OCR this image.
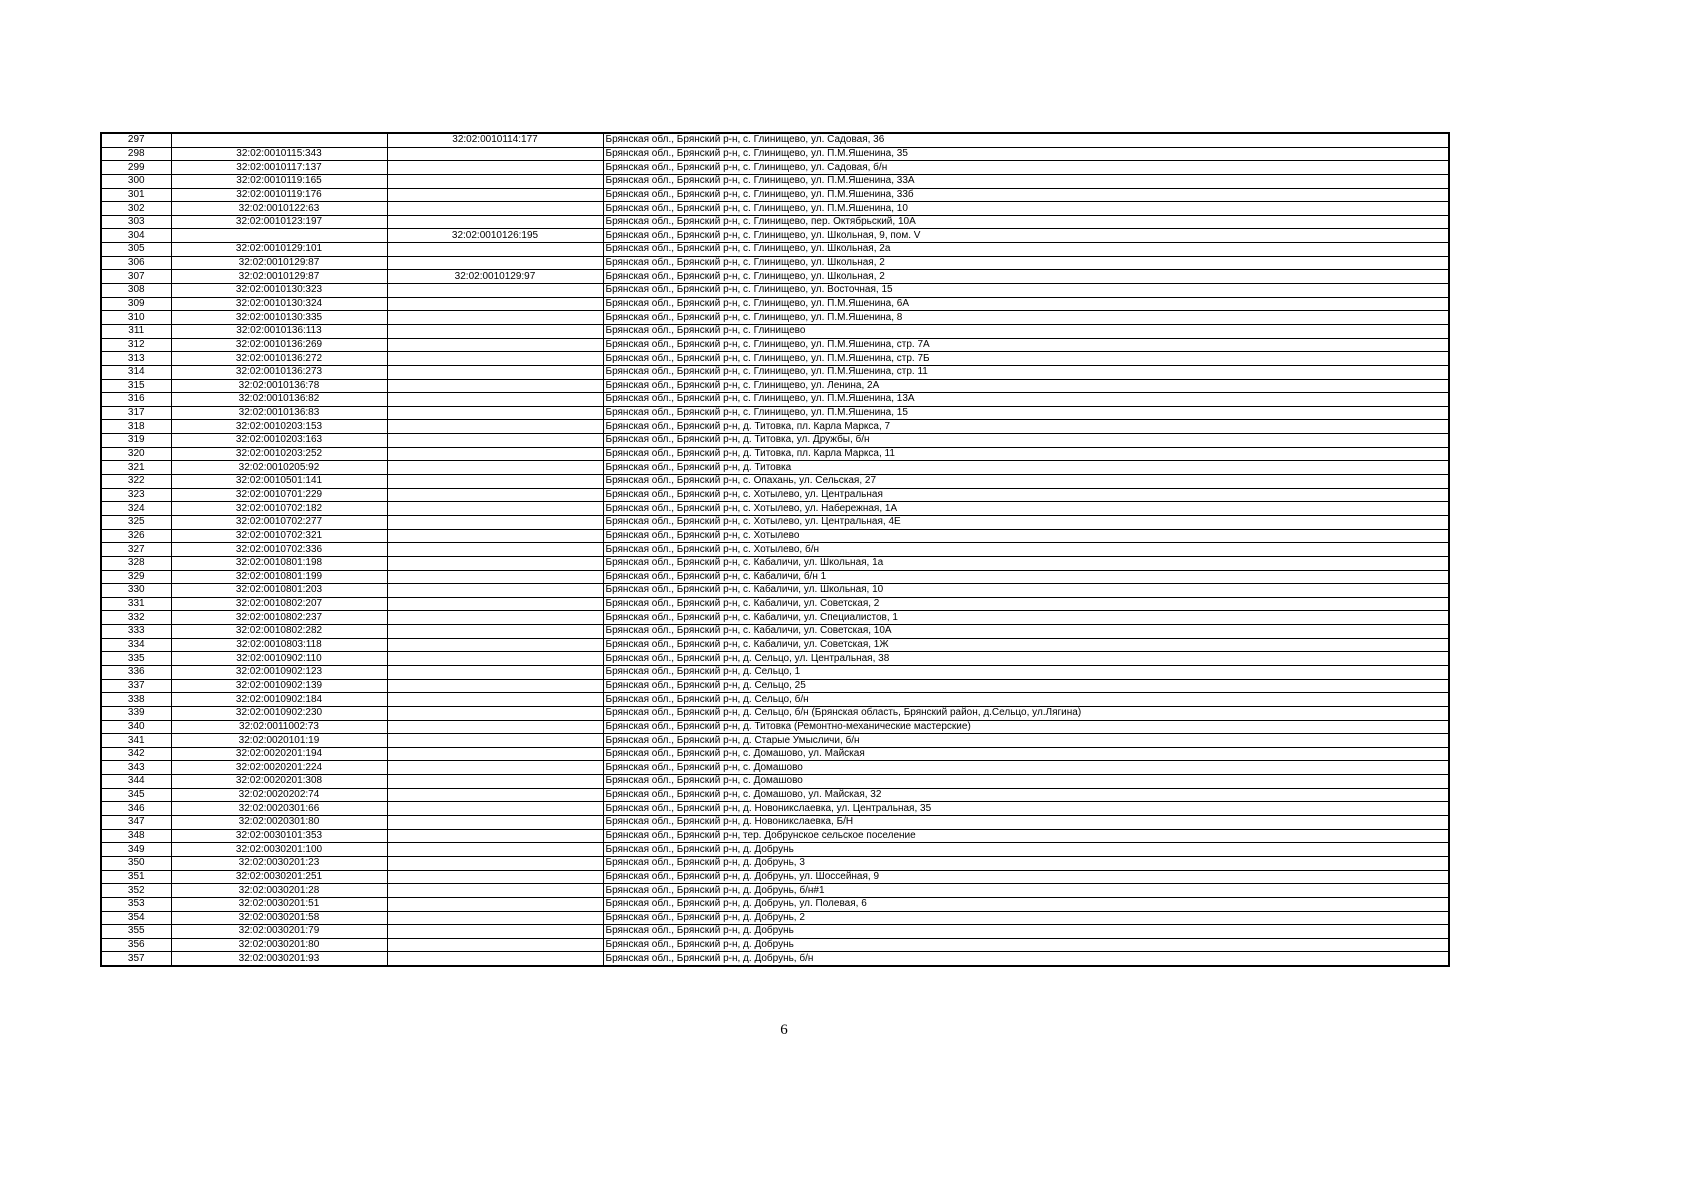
297		32:02:0010114:177	Брянская обл., Брянский р-н, с. Глинищево, ул. Садовая, 36
298	32:02:0010115:343		Брянская обл., Брянский р-н, с. Глинищево, ул. П.М.Яшенина, 35
299	32:02:0010117:137		Брянская обл., Брянский р-н, с. Глинищево, ул. Садовая, б/н
300	32:02:0010119:165		Брянская обл., Брянский р-н, с. Глинищево, ул. П.М.Яшенина, 33А
301	32:02:0010119:176		Брянская обл., Брянский р-н, с. Глинищево, ул. П.М.Яшенина, 33б
302	32:02:0010122:63		Брянская обл., Брянский р-н, с. Глинищево, ул. П.М.Яшенина, 10
303	32:02:0010123:197		Брянская обл., Брянский р-н, с. Глинищево, пер. Октябрьский, 10А
304		32:02:0010126:195	Брянская обл., Брянский р-н, с. Глинищево, ул. Школьная, 9, пом. V
305	32:02:0010129:101		Брянская обл., Брянский р-н, с. Глинищево, ул. Школьная, 2а
306	32:02:0010129:87		Брянская обл., Брянский р-н, с. Глинищево, ул. Школьная, 2
307	32:02:0010129:87	32:02:0010129:97	Брянская обл., Брянский р-н, с. Глинищево, ул. Школьная, 2
308	32:02:0010130:323		Брянская обл., Брянский р-н, с. Глинищево, ул. Восточная, 15
309	32:02:0010130:324		Брянская обл., Брянский р-н, с. Глинищево, ул. П.М.Яшенина, 6А
310	32:02:0010130:335		Брянская обл., Брянский р-н, с. Глинищево, ул. П.М.Яшенина, 8
311	32:02:0010136:113		Брянская обл., Брянский р-н, с. Глинищево
312	32:02:0010136:269		Брянская обл., Брянский р-н, с. Глинищево, ул. П.М.Яшенина, стр. 7А
313	32:02:0010136:272		Брянская обл., Брянский р-н, с. Глинищево, ул. П.М.Яшенина, стр. 7Б
314	32:02:0010136:273		Брянская обл., Брянский р-н, с. Глинищево, ул. П.М.Яшенина, стр. 11
315	32:02:0010136:78		Брянская обл., Брянский р-н, с. Глинищево, ул. Ленина, 2А
316	32:02:0010136:82		Брянская обл., Брянский р-н, с. Глинищево, ул. П.М.Яшенина, 13А
317	32:02:0010136:83		Брянская обл., Брянский р-н, с. Глинищево, ул. П.М.Яшенина, 15
318	32:02:0010203:153		Брянская обл., Брянский р-н, д. Титовка, пл. Карла Маркса, 7
319	32:02:0010203:163		Брянская обл., Брянский р-н, д. Титовка, ул. Дружбы, б/н
320	32:02:0010203:252		Брянская обл., Брянский р-н, д. Титовка, пл. Карла Маркса, 11
321	32:02:0010205:92		Брянская обл., Брянский р-н, д. Титовка
322	32:02:0010501:141		Брянская обл., Брянский р-н, с. Опахань, ул. Сельская, 27
323	32:02:0010701:229		Брянская обл., Брянский р-н, с. Хотылево, ул. Центральная
324	32:02:0010702:182		Брянская обл., Брянский р-н, с. Хотылево, ул. Набережная, 1А
325	32:02:0010702:277		Брянская обл., Брянский р-н, с. Хотылево, ул. Центральная, 4Е
326	32:02:0010702:321		Брянская обл., Брянский р-н, с. Хотылево
327	32:02:0010702:336		Брянская обл., Брянский р-н, с. Хотылево, б/н
328	32:02:0010801:198		Брянская обл., Брянский р-н, с. Кабаличи, ул. Школьная, 1а
329	32:02:0010801:199		Брянская обл., Брянский р-н, с. Кабаличи, б/н 1
330	32:02:0010801:203		Брянская обл., Брянский р-н, с. Кабаличи, ул. Школьная, 10
331	32:02:0010802:207		Брянская обл., Брянский р-н, с. Кабаличи, ул. Советская, 2
332	32:02:0010802:237		Брянская обл., Брянский р-н, с. Кабаличи, ул. Специалистов, 1
333	32:02:0010802:282		Брянская обл., Брянский р-н, с. Кабаличи, ул. Советская, 10А
334	32:02:0010803:118		Брянская обл., Брянский р-н, с. Кабаличи, ул. Советская, 1Ж
335	32:02:0010902:110		Брянская обл., Брянский р-н, д. Сельцо, ул. Центральная, 38
336	32:02:0010902:123		Брянская обл., Брянский р-н, д. Сельцо, 1
337	32:02:0010902:139		Брянская обл., Брянский р-н, д. Сельцо, 25
338	32:02:0010902:184		Брянская обл., Брянский р-н, д. Сельцо, б/н
339	32:02:0010902:230		Брянская обл., Брянский р-н, д. Сельцо, б/н (Брянская область, Брянский район, д.Сельцо, ул.Лягина)
340	32:02:0011002:73		Брянская обл., Брянский р-н, д. Титовка (Ремонтно-механические мастерские)
341	32:02:0020101:19		Брянская обл., Брянский р-н, д. Старые Умысличи, б/н
342	32:02:0020201:194		Брянская обл., Брянский р-н, с. Домашово, ул. Майская
343	32:02:0020201:224		Брянская обл., Брянский р-н, с. Домашово
344	32:02:0020201:308		Брянская обл., Брянский р-н, с. Домашово
345	32:02:0020202:74		Брянская обл., Брянский р-н, с. Домашово, ул. Майская, 32
346	32:02:0020301:66		Брянская обл., Брянский р-н, д. Новоникслаевка, ул. Центральная, 35
347	32:02:0020301:80		Брянская обл., Брянский р-н, д. Новоникслаевка, Б/Н
348	32:02:0030101:353		Брянская обл., Брянский р-н, тер. Добрунское сельское поселение
349	32:02:0030201:100		Брянская обл., Брянский р-н, д. Добрунь
350	32:02:0030201:23		Брянская обл., Брянский р-н, д. Добрунь, 3
351	32:02:0030201:251		Брянская обл., Брянский р-н, д. Добрунь, ул. Шоссейная, 9
352	32:02:0030201:28		Брянская обл., Брянский р-н, д. Добрунь, б/н#1
353	32:02:0030201:51		Брянская обл., Брянский р-н, д. Добрунь, ул. Полевая, 6
354	32:02:0030201:58		Брянская обл., Брянский р-н, д. Добрунь, 2
355	32:02:0030201:79		Брянская обл., Брянский р-н, д. Добрунь
356	32:02:0030201:80		Брянская обл., Брянский р-н, д. Добрунь
357	32:02:0030201:93		Брянская обл., Брянский р-н, д. Добрунь, б/н
6
